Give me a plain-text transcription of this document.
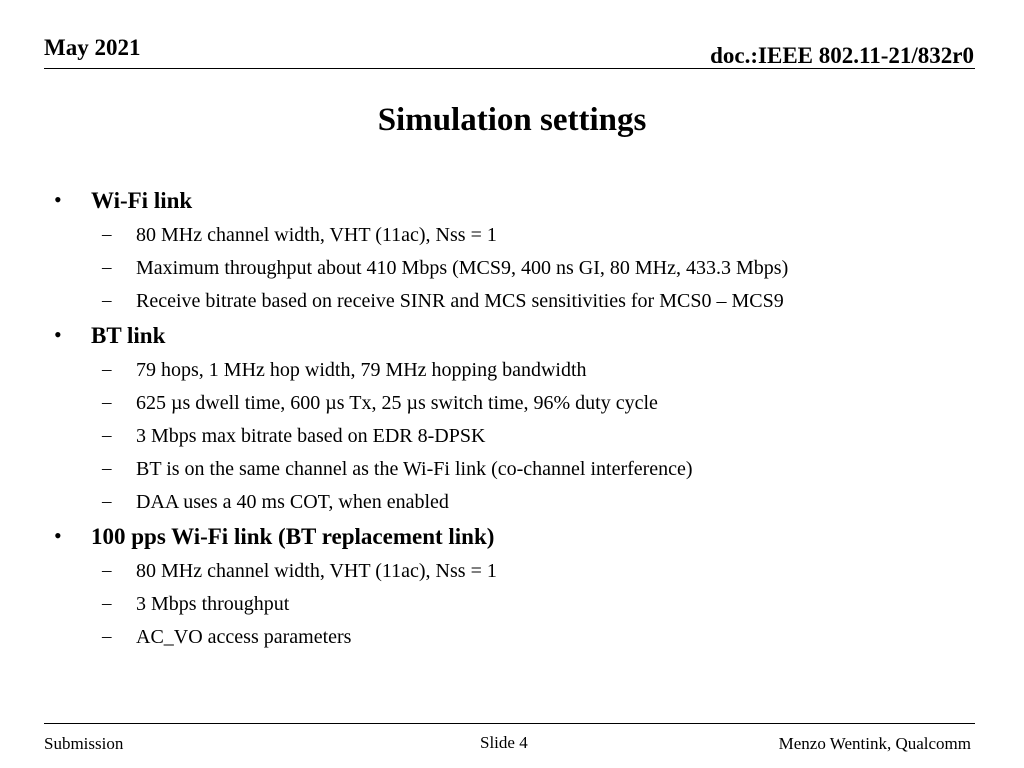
May 2021	doc.:IEEE 802.11-21/832r0
Simulation settings
• Wi-Fi link
– 80 MHz channel width, VHT (11ac), Nss = 1
– Maximum throughput about 410 Mbps (MCS9, 400 ns GI, 80 MHz, 433.3 Mbps)
– Receive bitrate based on receive SINR and MCS sensitivities for MCS0 – MCS9
• BT link
– 79 hops, 1 MHz hop width, 79 MHz hopping bandwidth
– 625 µs dwell time, 600 µs Tx, 25 µs switch time, 96% duty cycle
– 3 Mbps max bitrate based on EDR 8-DPSK
– BT is on the same channel as the Wi-Fi link (co-channel interference)
– DAA uses a 40 ms COT, when enabled
• 100 pps Wi-Fi link (BT replacement link)
– 80 MHz channel width, VHT (11ac), Nss = 1
– 3 Mbps throughput
– AC_VO access parameters
Submission	Slide 4	Menzo Wentink, Qualcomm
